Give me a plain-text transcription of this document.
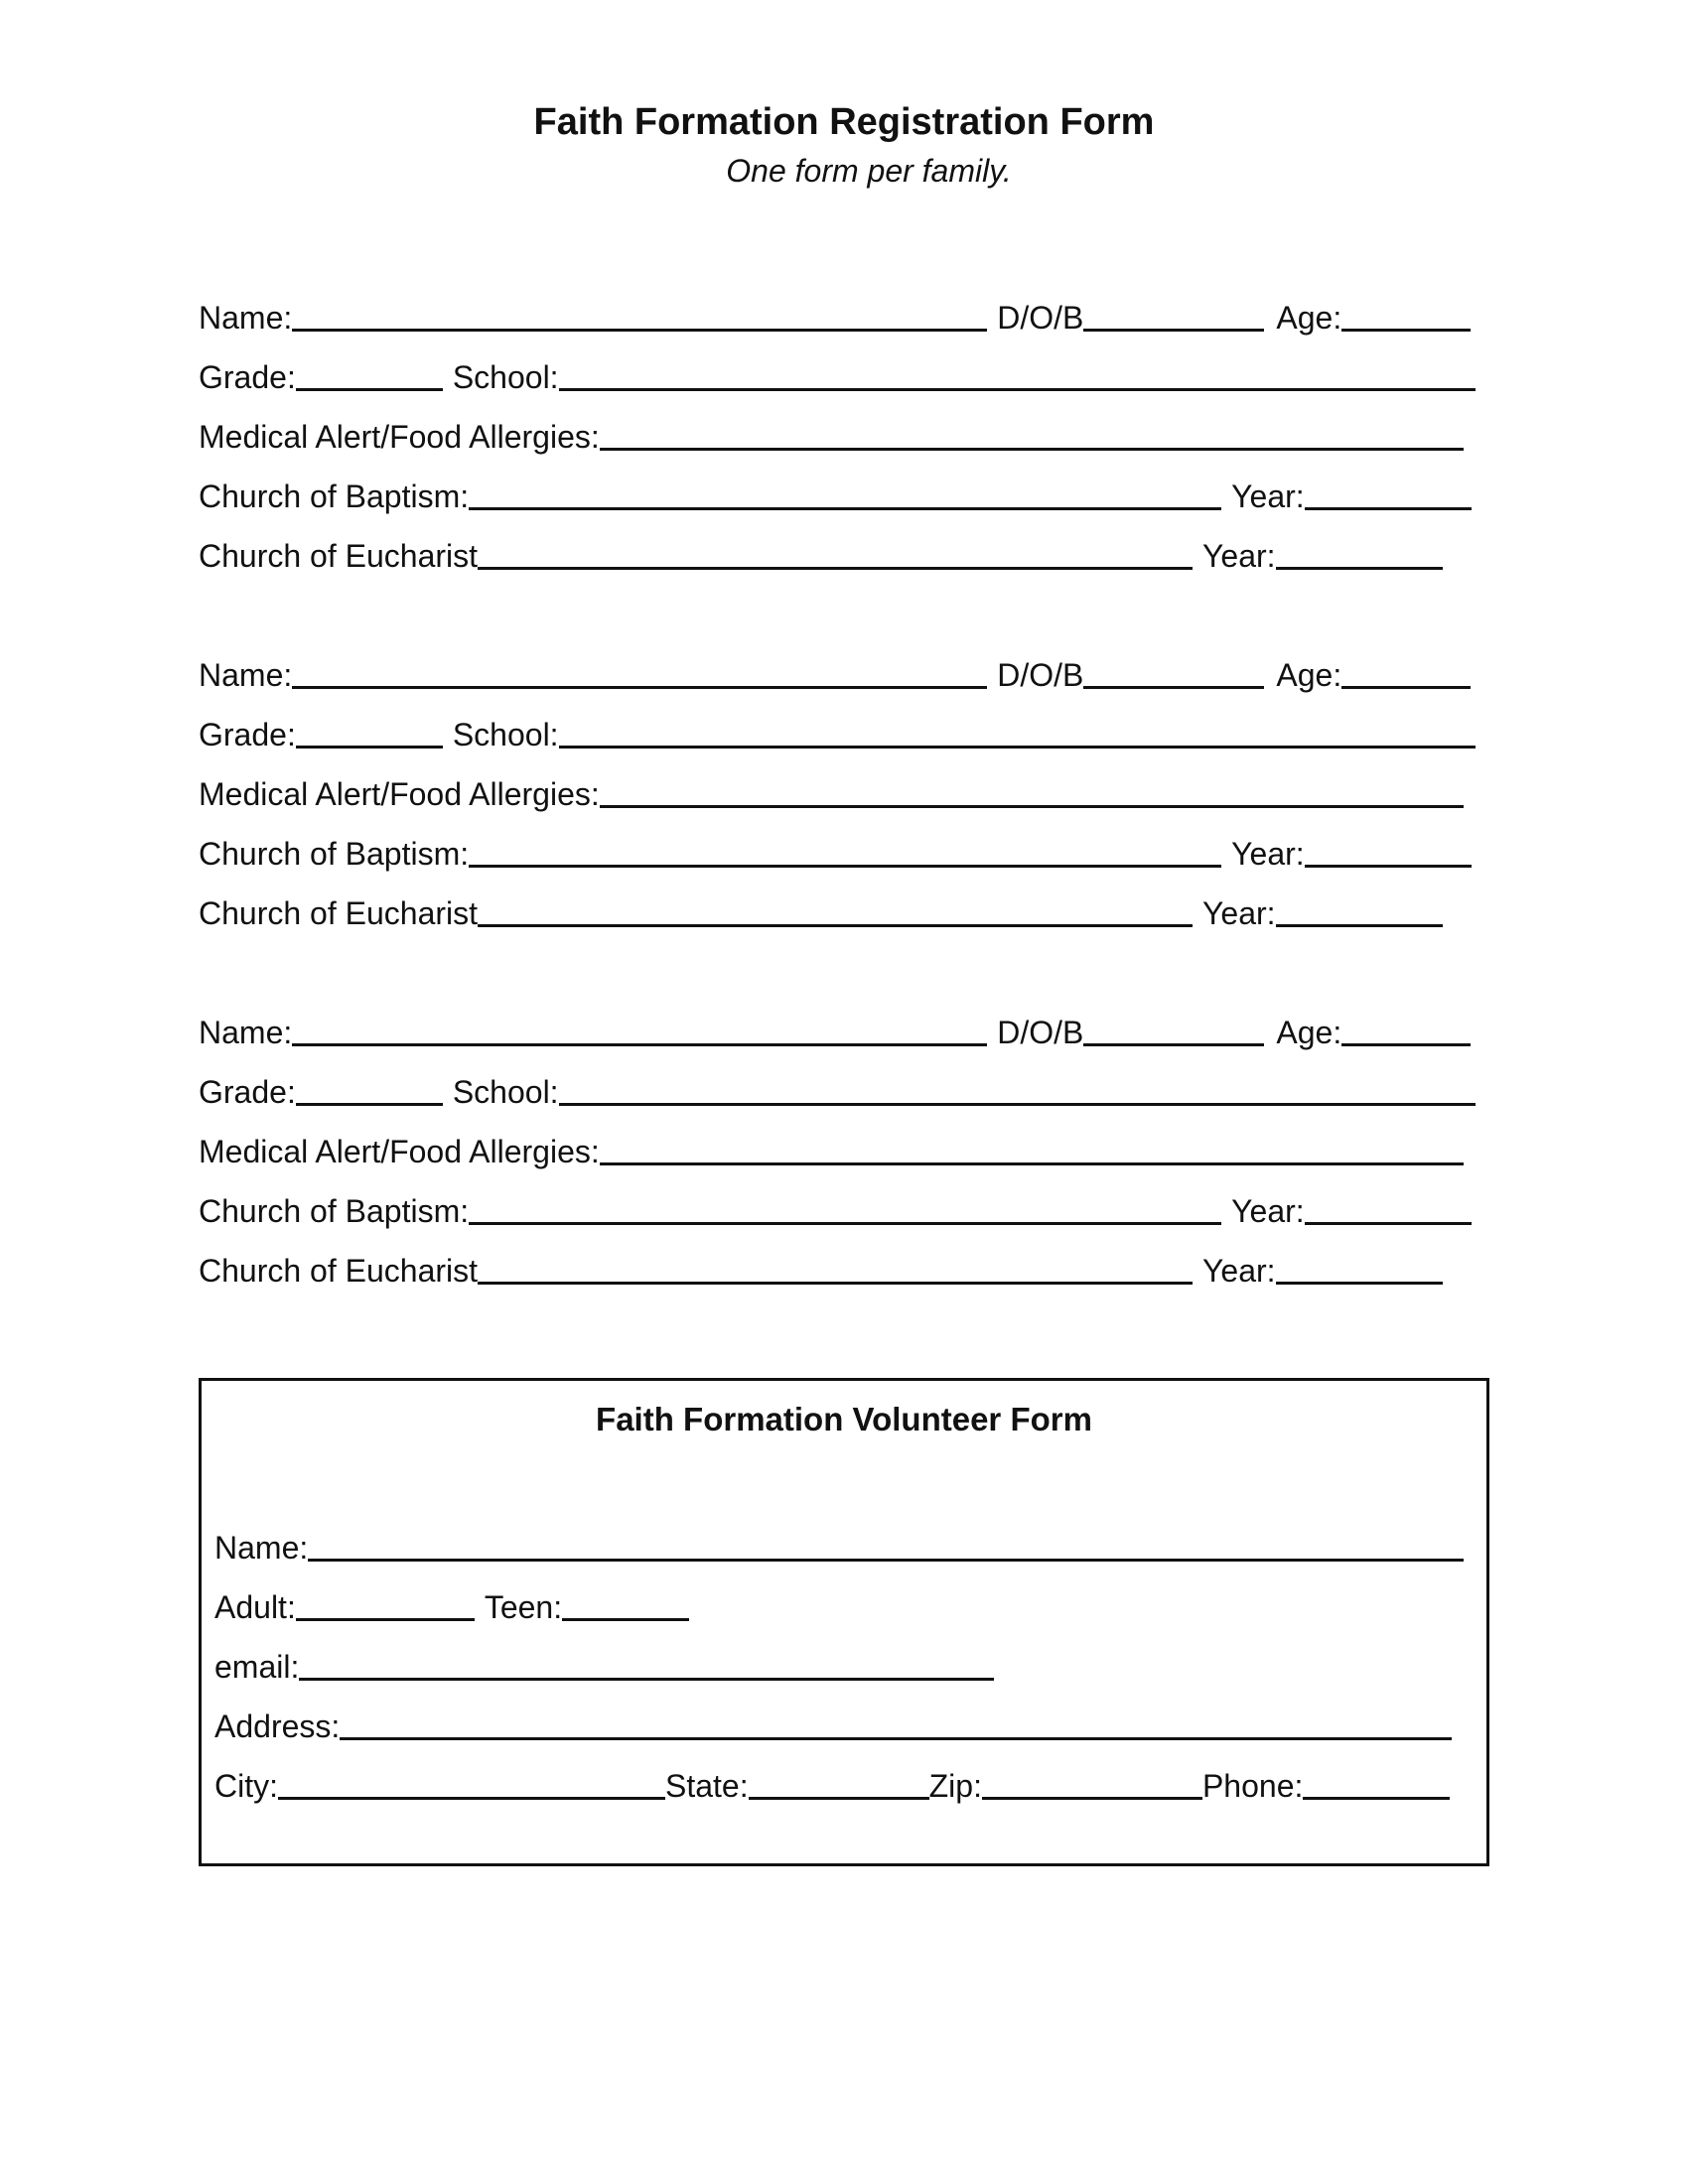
Faith Formation Registration Form
One form per family.
Name:	D/O/B	Age:
Grade:	School:
Medical Alert/Food Allergies:
Church of Baptism:	Year:
Church of Eucharist	Year:
Name:	D/O/B	Age:
Grade:	School:
Medical Alert/Food Allergies:
Church of Baptism:	Year:
Church of Eucharist	Year:
Name:	D/O/B	Age:
Grade:	School:
Medical Alert/Food Allergies:
Church of Baptism:	Year:
Church of Eucharist	Year:
Faith Formation Volunteer Form
Name:
Adult:	Teen:
email:
Address:
City:	State:	Zip:	Phone:
